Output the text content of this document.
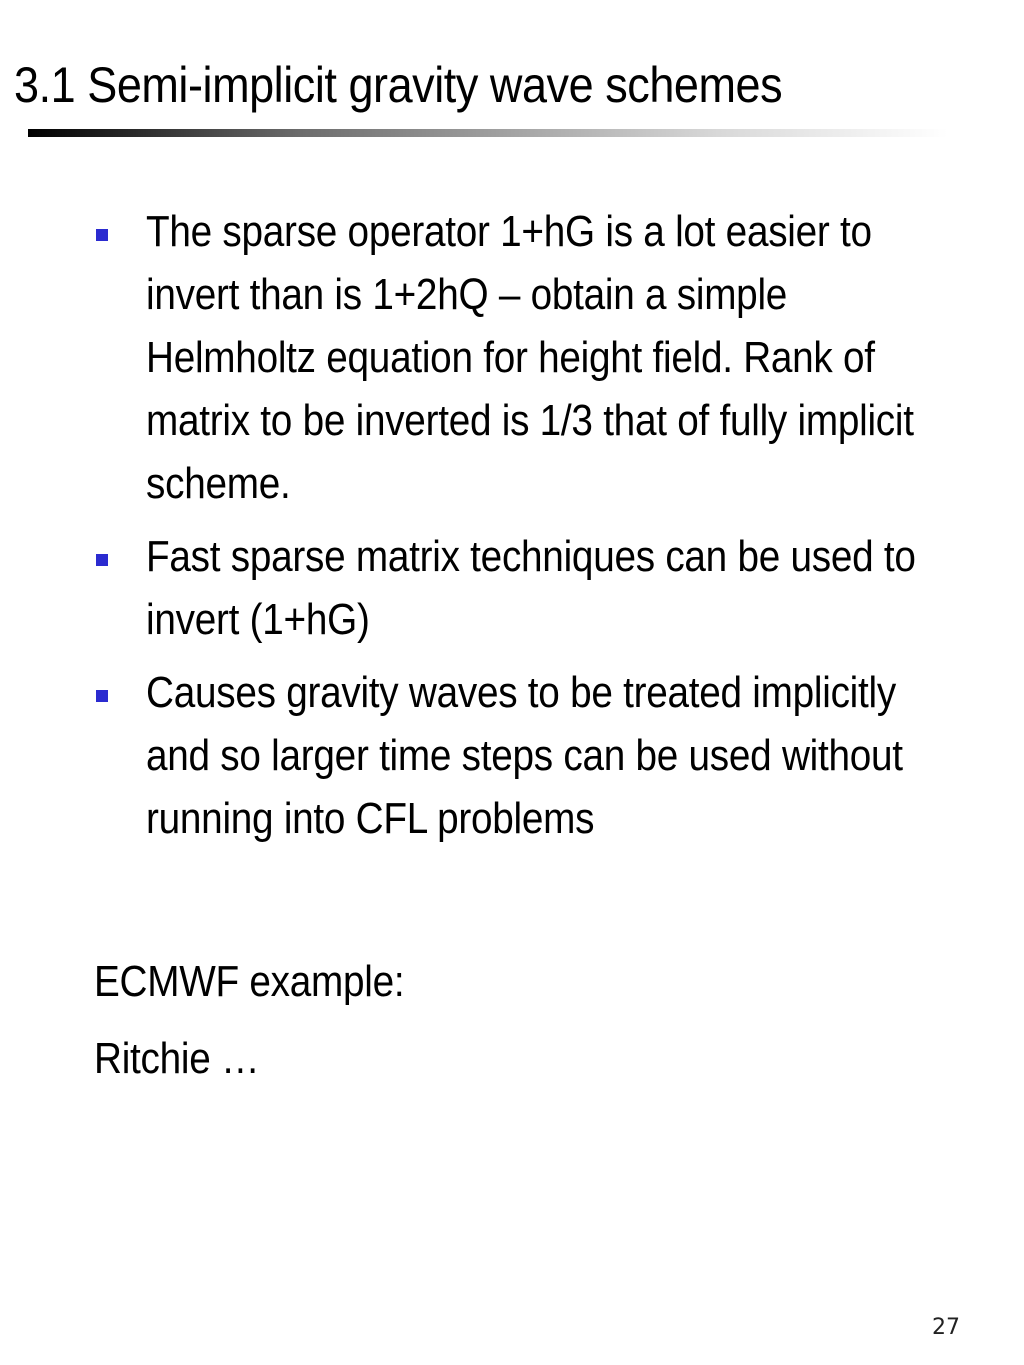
3.1 Semi-implicit gravity wave schemes
The sparse operator 1+hG is a lot easier to invert than is 1+2hQ – obtain a simple Helmholtz equation for height field. Rank of matrix to be inverted is 1/3 that of fully implicit scheme.
Fast sparse matrix techniques can be used to invert (1+hG)
Causes gravity waves to be treated implicitly and so larger time steps can be used without running into CFL problems

ECMWF example:

Ritchie …

27
